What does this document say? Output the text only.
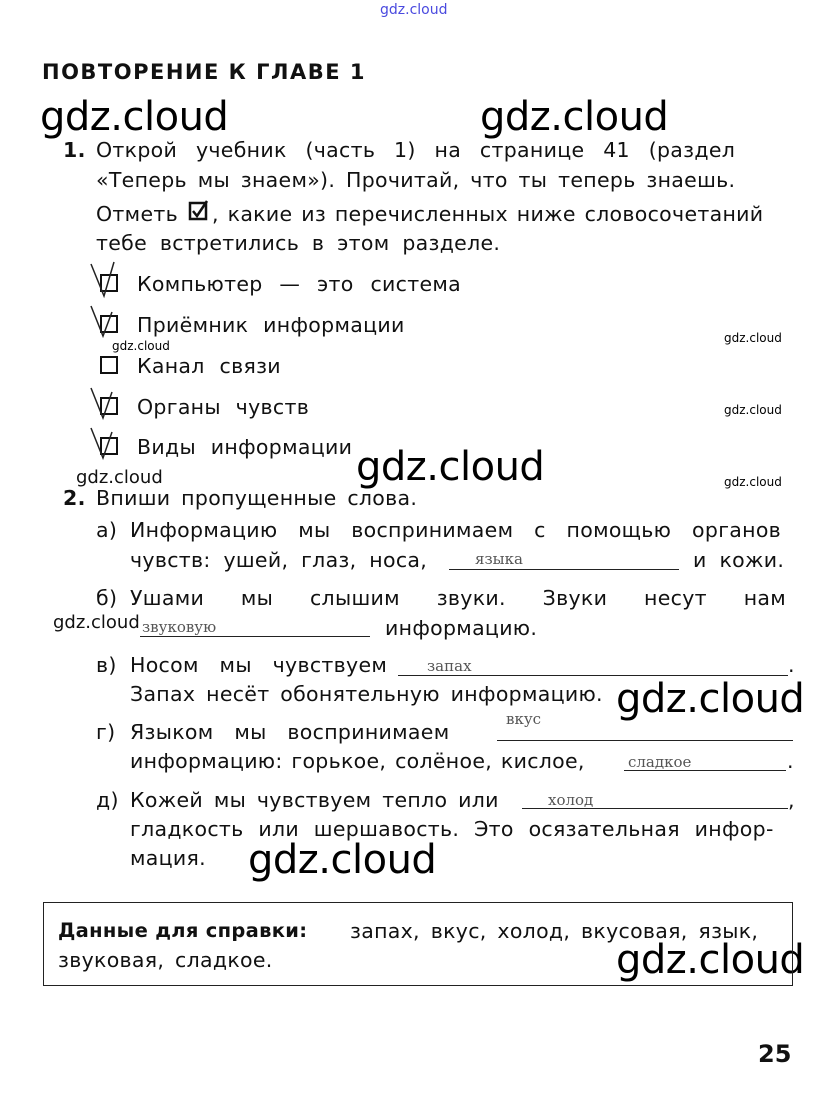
gdz.cloud
gdz.cloud	gdz.cloud
gdz.cloud
gdz.cloud
gdz.cloud
gdz.cloud
gdz.cloud
gdz.cloud
gdz.cloud
gdz.cloud
gdz.cloud
gdz.cloud
ПОВТОРЕНИЕ К ГЛАВЕ 1
1. Открой учебник (часть 1) на странице 41 (раздел
«Теперь мы знаем»). Прочитай, что ты теперь знаешь.
Отметь , какие из перечисленных ниже словосочетаний
тебе встретились в этом разделе.
Компьютер — это система
Приёмник информации
Канал связи
Органы чувств
Виды информации
2. Впиши пропущенные слова.
а) Информацию мы воспринимаем с помощью органов
чувств: ушей, глаз, носа,	языка	и кожи.
б) Ушами мы слышим звуки. Звуки несут нам
звуковую	информацию.
в) Носом мы чувствуем	запах	.
Запах несёт обонятельную информацию.
г) Языком мы воспринимаем
вкус
информацию: горькое, солёное, кислое,	сладкое	.
д) Кожей мы чувствуем тепло или	холод	,
гладкость или шершавость. Это осязательная инфор-
мация.
Данные для справки: запах, вкус, холод, вкусовая, язык,
звуковая, сладкое.
25
